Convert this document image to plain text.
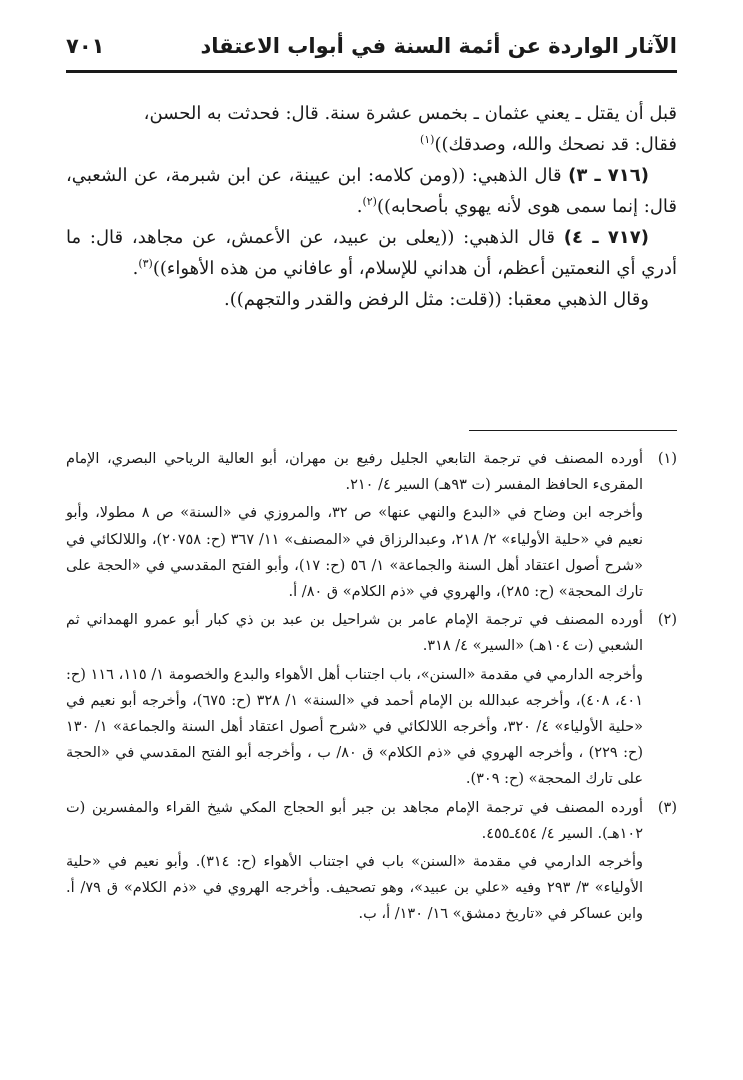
الآثار الواردة عن أئمة السنة في أبواب الاعتقاد
٧٠١

قبل أن يقتل ـ يعني عثمان ـ بخمس عشرة سنة. قال: فحدثت به الحسن،
فقال: قد نصحك والله، وصدقك))$^{(١)}$

(٧١٦ ـ ٣) قال الذهبي: ((ومن كلامه: ابن عيينة، عن ابن شبرمة، عن الشعبي، قال: إنما سمى هوى لأنه يهوي بأصحابه))$^{(٢)}$.

(٧١٧ ـ ٤) قال الذهبي: ((يعلى بن عبيد، عن الأعمش، عن مجاهد، قال: ما أدري أي النعمتين أعظم، أن هداني للإسلام، أو عافاني من هذه الأهواء))$^{(٣)}$.

وقال الذهبي معقبا: ((قلت: مثل الرفض والقدر والتجهم)).

(١)

أورده المصنف في ترجمة التابعي الجليل رفيع بن مهران، أبو العالية الرياحي البصري، الإمام المقرىء الحافظ المفسر (ت ٩٣هـ) السير ٤/ ٢١٠.

وأخرجه ابن وضاح في «البدع والنهي عنها» ص ٣٢، والمروزي في «السنة» ص ٨ مطولا، وأبو نعيم في «حلية الأولياء» ٢/ ٢١٨، وعبدالرزاق في «المصنف» ١١/ ٣٦٧ (ح: ٢٠٧٥٨)، واللالكائي في «شرح أصول اعتقاد أهل السنة والجماعة» ١/ ٥٦ (ح: ١٧)، وأبو الفتح المقدسي في «الحجة على تارك المحجة» (ح: ٢٨٥)، والهروي في «ذم الكلام» ق ٨٠/ أ.

(٢)

أورده المصنف في ترجمة الإمام عامر بن شراحيل بن عبد بن ذي كبار أبو عمرو الهمداني ثم الشعبي (ت ١٠٤هـ) «السير» ٤/ ٣١٨.

وأخرجه الدارمي في مقدمة «السنن»، باب اجتناب أهل الأهواء والبدع والخصومة ١/ ١١٥، ١١٦ (ح: ٤٠١، ٤٠٨)، وأخرجه عبدالله بن الإمام أحمد في «السنة» ١/ ٣٢٨ (ح: ٦٧٥)، وأخرجه أبو نعيم في «حلية الأولياء» ٤/ ٣٢٠، وأخرجه اللالكائي في «شرح أصول اعتقاد أهل السنة والجماعة» ١/ ١٣٠ (ح: ٢٢٩) ، وأخرجه الهروي في «ذم الكلام» ق ٨٠/ ب ، وأخرجه أبو الفتح المقدسي في «الحجة على تارك المحجة» (ح: ٣٠٩).

(٣)

أورده المصنف في ترجمة الإمام مجاهد بن جبر أبو الحجاج المكي شيخ القراء والمفسرين (ت ١٠٢هـ). السير ٤/ ٤٥٤ـ٤٥٥.

وأخرجه الدارمي في مقدمة «السنن» باب في اجتناب الأهواء (ح: ٣١٤). وأبو نعيم في «حلية الأولياء» ٣/ ٢٩٣ وفيه «علي بن عبيد»، وهو تصحيف. وأخرجه الهروي في «ذم الكلام» ق ٧٩/ أ. وابن عساكر في «تاريخ دمشق» ١٦/ ١٣٠/ أ، ب.
